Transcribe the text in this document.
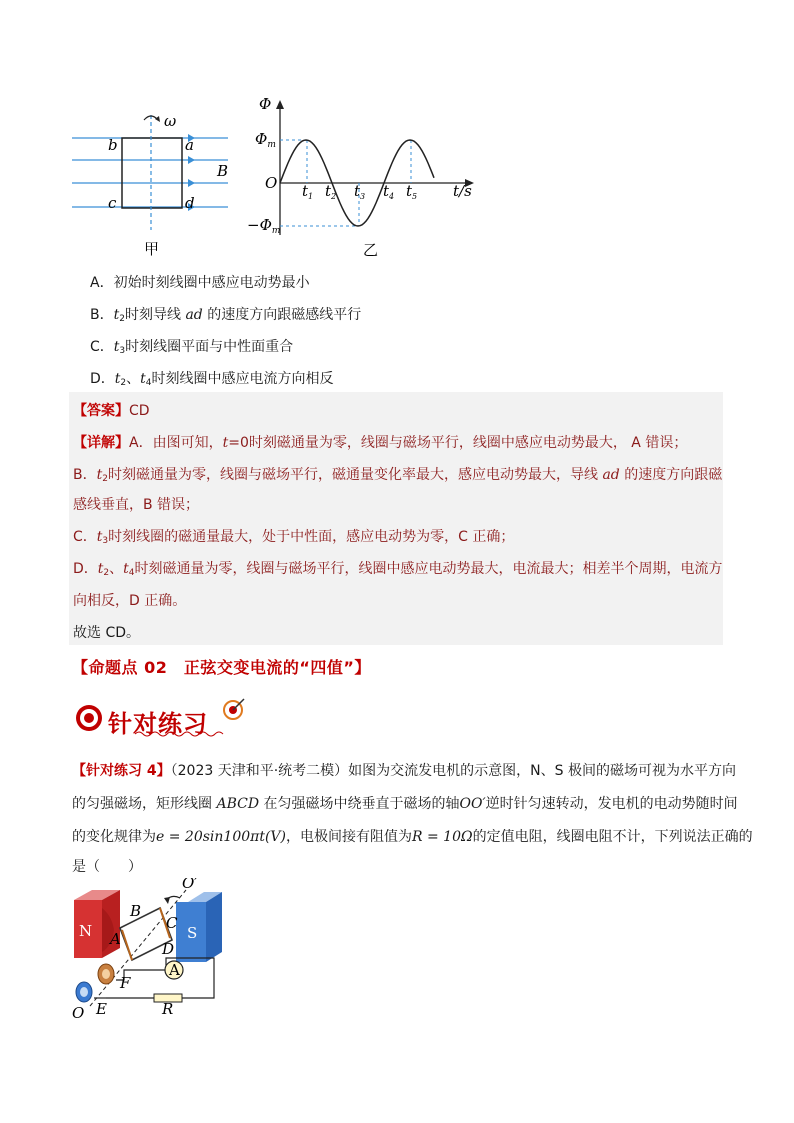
ω
b	a
c	d
B
甲
Φ
$\Phi_m$
$-\Phi_m$
O $t_1$ $t_2$ $t_3$ $t_4$ $t_5$ t/s
乙
A．初始时刻线圈中感应电动势最小
B．$t_2$时刻导线 ad 的速度方向跟磁感线平行
C．$t_3$时刻线圈平面与中性面重合
D．$t_2$、$t_4$时刻线圈中感应电流方向相反
【答案】CD
【详解】A．由图可知，t=0时刻磁通量为零，线圈与磁场平行，线圈中感应电动势最大， A 错误；
B．$t_2$时刻磁通量为零，线圈与磁场平行，磁通量变化率最大，感应电动势最大，导线 ad 的速度方向跟磁
感线垂直，B 错误；
C．$t_3$时刻线圈的磁通量最大，处于中性面，感应电动势为零，C 正确；
D．$t_2$、$t_4$时刻磁通量为零，线圈与磁场平行，线圈中感应电动势最大，电流最大；相差半个周期，电流方
向相反，D 正确。
故选 CD。
【命题点 02　正弦交变电流的“四值”】
针对练习
【针对练习 4】（2023 天津和平·统考二模）如图为交流发电机的示意图，N、S 极间的磁场可视为水平方向
的匀强磁场，矩形线圈 ABCD 在匀强磁场中绕垂直于磁场的轴OO′逆时针匀速转动，发电机的电动势随时间
的变化规律为e = 20sin100πt(V)，电极间接有阻值为R = 10Ω的定值电阻，线圈电阻不计，下列说法正确的
是（　　）
N	S
A
O′
B
A
C
D
F
E	R
O
